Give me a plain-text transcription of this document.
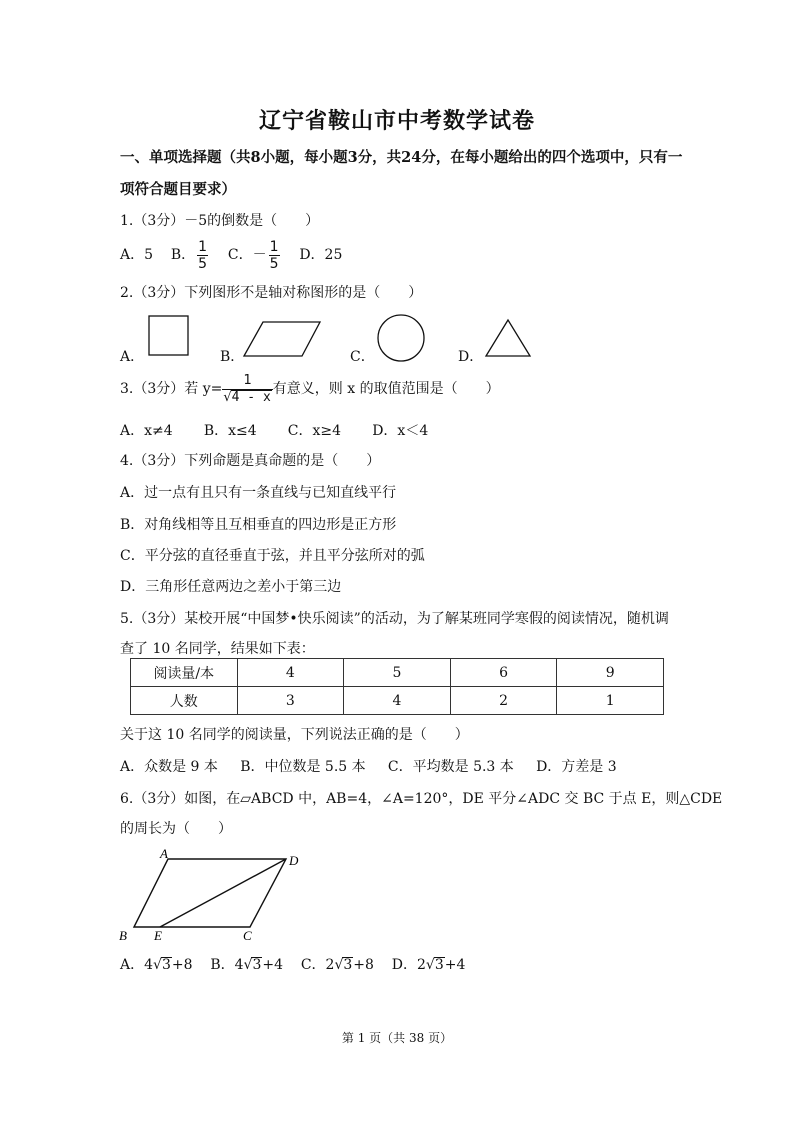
辽宁省鞍山市中考数学试卷
一、单项选择题（共8小题，每小题3分，共24分，在每小题给出的四个选项中，只有一
项符合题目要求）
1.（3分）－5的倒数是（　　）
A．5 B． $\frac{1}{5}$ C．－ $\frac{1}{5}$ D．25
2.（3分）下列图形不是轴对称图形的是（　　）
A．	B．	C．	D．
3.（3分）若 $y= \frac{1}{√4 - x}$ 有意义，则 x 的取值范围是（　　）
A．x≠4 B．x≤4 C．x≥4 D．x＜4
4.（3分）下列命题是真命题的是（　　）
A．过一点有且只有一条直线与已知直线平行
B．对角线相等且互相垂直的四边形是正方形
C．平分弦的直径垂直于弦，并且平分弦所对的弧
D．三角形任意两边之差小于第三边
5.（3分）某校开展“中国梦•快乐阅读”的活动，为了解某班同学寒假的阅读情况，随机调
查了 10 名同学，结果如下表：
阅读量/本	4	5	6	9
人数	3	4	2	1
关于这 10 名同学的阅读量，下列说法正确的是（　　）
A．众数是 9 本 B．中位数是 5.5 本 C．平均数是 5.3 本 D．方差是 3
6.（3分）如图，在▱ABCD 中，AB=4，∠A=120°，DE 平分∠ADC 交 BC 于点 E，则△CDE
的周长为（　　）
A	D
B E	C
A．4√3+8 B．4√3+4 C．2√3+8 D．2√3+4
第 1 页（共 38 页）
